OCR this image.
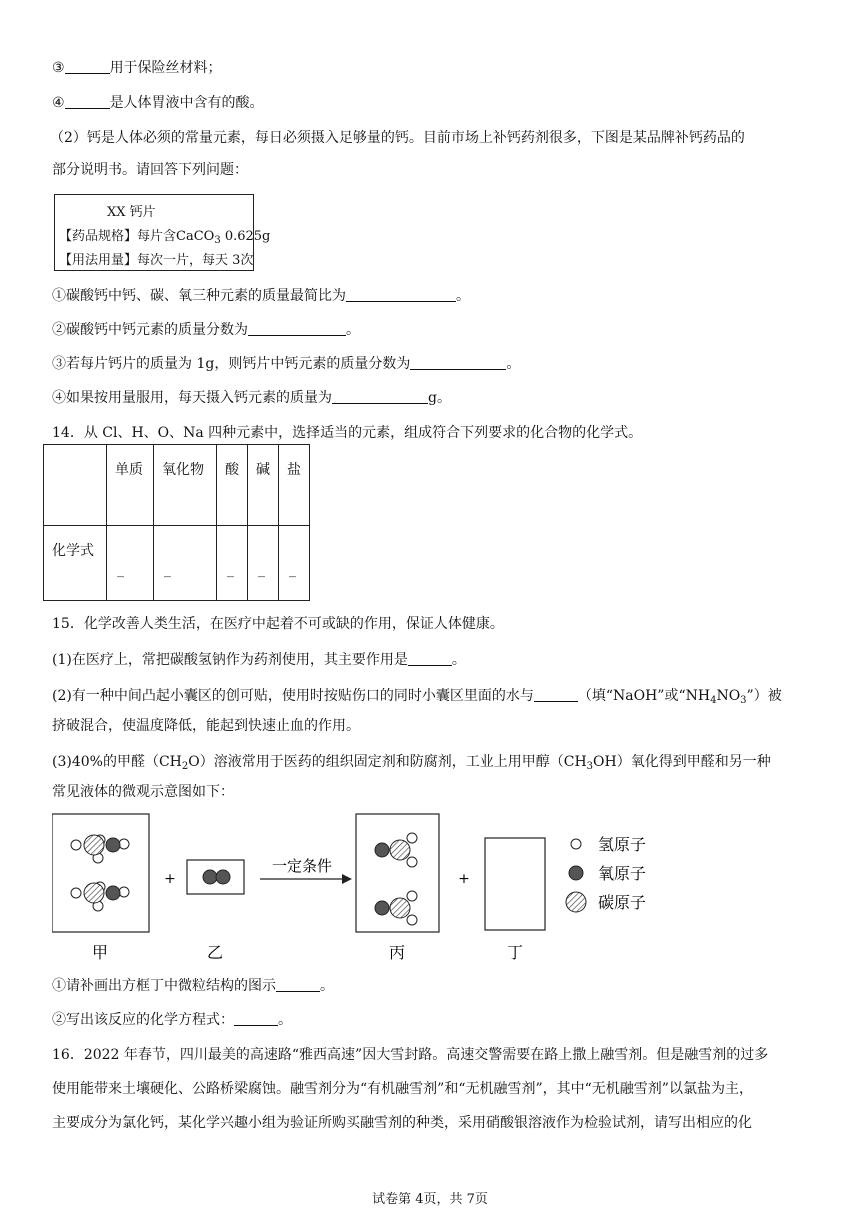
③	用于保险丝材料；
④	是人体胃液中含有的酸。
（2）钙是人体必须的常量元素，每日必须摄入足够量的钙。目前市场上补钙药剂很多，下图是某品牌补钙药品的
部分说明书。请回答下列问题：
XX 钙片
【药品规格】每片含CaCO$_3$ 0.625g
【用法用量】每次一片，每天 3次
①碳酸钙中钙、碳、氧三种元素的质量最简比为	。
②碳酸钙中钙元素的质量分数为	。
③若每片钙片的质量为 1g，则钙片中钙元素的质量分数为	。
④如果按用量服用，每天摄入钙元素的质量为	g。
14．从 Cl、H、O、Na 四种元素中，选择适当的元素，组成符合下列要求的化合物的化学式。
	单质	氧化物	酸	碱	盐
化学式	_	_	_	_	_
15．化学改善人类生活，在医疗中起着不可或缺的作用，保证人体健康。
(1)在医疗上，常把碳酸氢钠作为药剂使用，其主要作用是	。
(2)有一种中间凸起小囊区的创可贴，使用时按贴伤口的同时小囊区里面的水与	（填“NaOH”或“$NH_4NO_3$”）被
挤破混合，使温度降低，能起到快速止血的作用。
(3)40%的甲醛$(CH_2O)$溶液常用于医药的组织固定剂和防腐剂，工业上用甲醇$(CH_3OH)$氧化得到甲醛和另一种
常见液体的微观示意图如下：
+
一定条件
+
甲	乙	丙	丁
氢原子
氧原子
碳原子
①请补画出方框丁中微粒结构的图示	。
②写出该反应的化学方程式：	。
16．2022 年春节，四川最美的高速路“雅西高速”因大雪封路。高速交警需要在路上撒上融雪剂。但是融雪剂的过多
使用能带来土壤硬化、公路桥梁腐蚀。融雪剂分为“有机融雪剂”和“无机融雪剂”，其中“无机融雪剂”以氯盐为主，
主要成分为氯化钙，某化学兴趣小组为验证所购买融雪剂的种类，采用硝酸银溶液作为检验试剂，请写出相应的化
试卷第 4页，共 7页
